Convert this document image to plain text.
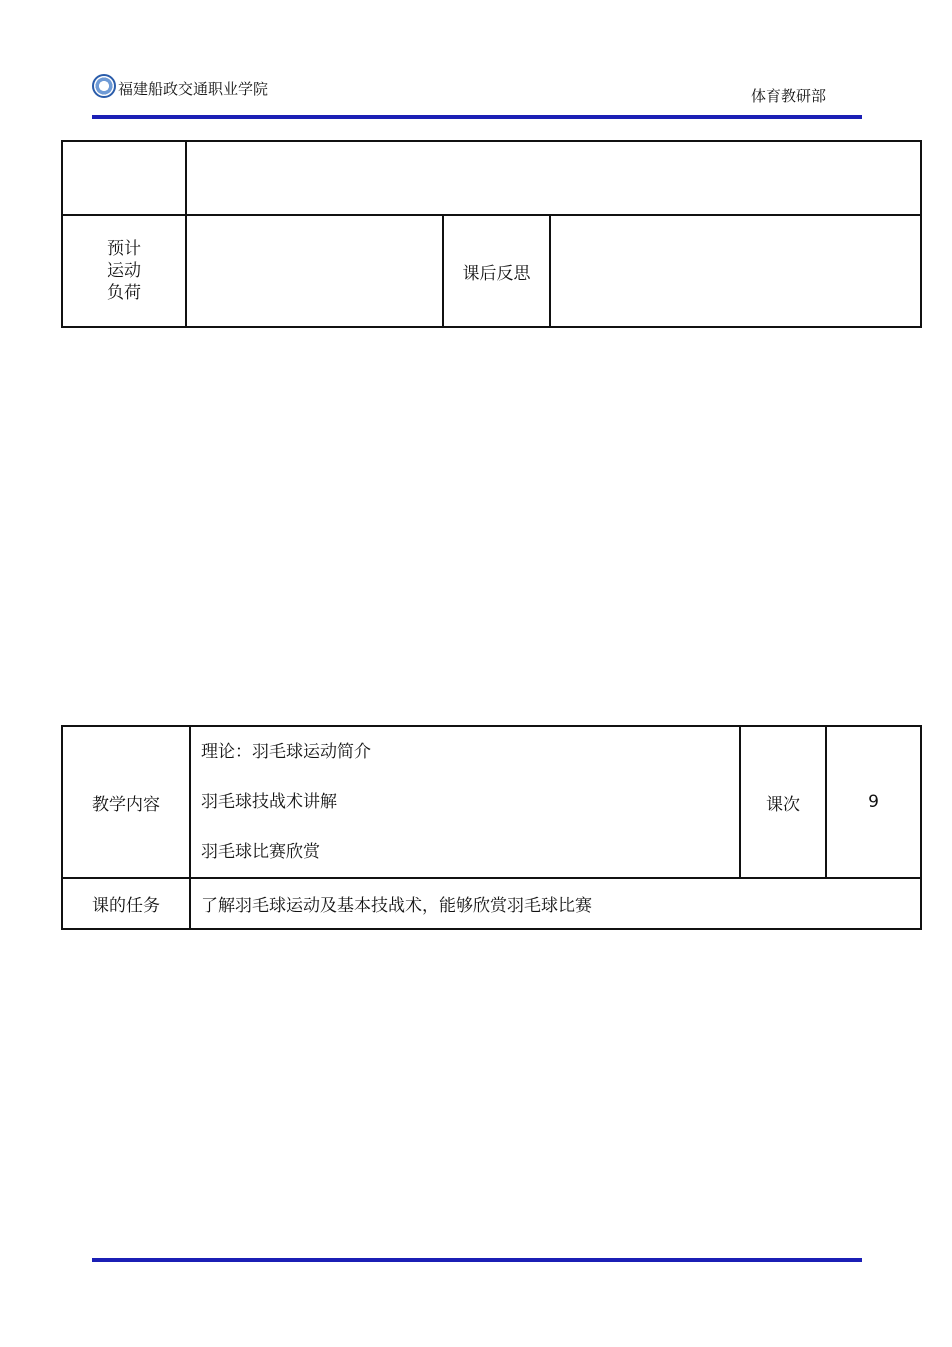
福建船政交通职业学院	体育教研部

预计
运动
负荷		课后反思	
教学内容	理论：羽毛球运动简介
羽毛球技战术讲解
羽毛球比赛欣赏	课次	9
课的任务	了解羽毛球运动及基本技战术，能够欣赏羽毛球比赛		
